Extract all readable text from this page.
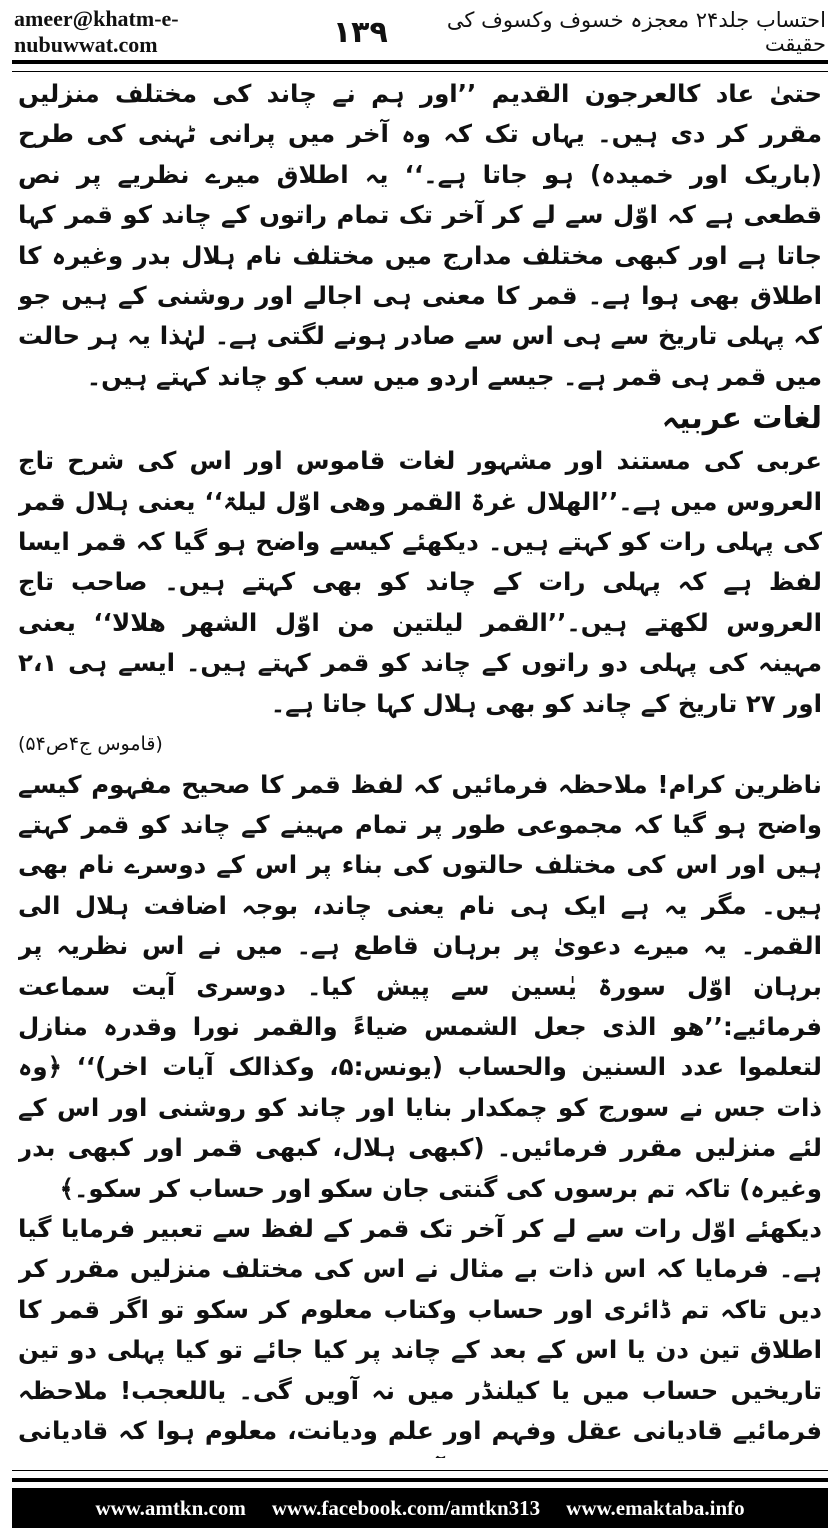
ameer@khatm-e-nubuwwat.com	١٣٩	احتساب جلد۲۴ معجزہ خسوف وکسوف کی حقیقت

حتیٰ عاد کالعرجون القدیم ’’اور ہم نے چاند کی مختلف منزلیں مقرر کر دی ہیں۔ یہاں تک کہ وہ آخر میں پرانی ٹہنی کی طرح (باریک اور خمیدہ) ہو جاتا ہے۔‘‘ یہ اطلاق میرے نظریے پر نص قطعی ہے کہ اوّل سے لے کر آخر تک تمام راتوں کے چاند کو قمر کہا جاتا ہے اور کبھی مختلف مدارج میں مختلف نام ہلال بدر وغیرہ کا اطلاق بھی ہوا ہے۔ قمر کا معنی ہی اجالے اور روشنی کے ہیں جو کہ پہلی تاریخ سے ہی اس سے صادر ہونے لگتی ہے۔ لہٰذا یہ ہر حالت میں قمر ہی قمر ہے۔ جیسے اردو میں سب کو چاند کہتے ہیں۔

لغات عربیہ

عربی کی مستند اور مشہور لغات قاموس اور اس کی شرح تاج العروس میں ہے۔’’الھلال غرۃ القمر وھی اوّل لیلۃ‘‘ یعنی ہلال قمر کی پہلی رات کو کہتے ہیں۔ دیکھئے کیسے واضح ہو گیا کہ قمر ایسا لفظ ہے کہ پہلی رات کے چاند کو بھی کہتے ہیں۔ صاحب تاج العروس لکھتے ہیں۔’’القمر لیلتین من اوّل الشھر ھلالا‘‘ یعنی مہینہ کی پہلی دو راتوں کے چاند کو قمر کہتے ہیں۔ ایسے ہی ۲،۱ اور ۲۷ تاریخ کے چاند کو بھی ہلال کہا جاتا ہے۔

(قاموس ج۴ص۵۴)

ناظرین کرام! ملاحظہ فرمائیں کہ لفظ قمر کا صحیح مفہوم کیسے واضح ہو گیا کہ مجموعی طور پر تمام مہینے کے چاند کو قمر کہتے ہیں اور اس کی مختلف حالتوں کی بناء پر اس کے دوسرے نام بھی ہیں۔ مگر یہ ہے ایک ہی نام یعنی چاند، بوجہ اضافت ہلال الی القمر۔ یہ میرے دعویٰ پر برہان قاطع ہے۔ میں نے اس نظریہ پر برہان اوّل سورۃ یٰسین سے پیش کیا۔ دوسری آیت سماعت فرمائیے:’’ھو الذی جعل الشمس ضیاءً والقمر نورا وقدرہ منازل لتعلموا عدد السنین والحساب (یونس:۵، وکذالک آیات اخر)‘‘ ﴿وہ ذات جس نے سورج کو چمکدار بنایا اور چاند کو روشنی اور اس کے لئے منزلیں مقرر فرمائیں۔ (کبھی ہلال، کبھی قمر اور کبھی بدر وغیرہ) تاکہ تم برسوں کی گنتی جان سکو اور حساب کر سکو۔﴾

دیکھئے اوّل رات سے لے کر آخر تک قمر کے لفظ سے تعبیر فرمایا گیا ہے۔ فرمایا کہ اس ذات بے مثال نے اس کی مختلف منزلیں مقرر کر دیں تاکہ تم ڈائری اور حساب وکتاب معلوم کر سکو تو اگر قمر کا اطلاق تین دن یا اس کے بعد کے چاند پر کیا جائے تو کیا پہلی دو تین تاریخیں حساب میں یا کیلنڈر میں نہ آویں گی۔ یاللعجب! ملاحظہ فرمائیے قادیانی عقل وفہم اور علم ودیانت، معلوم ہوا کہ قادیانی

www.amtkn.com www.facebook.com/amtkn313 www.emaktaba.info
